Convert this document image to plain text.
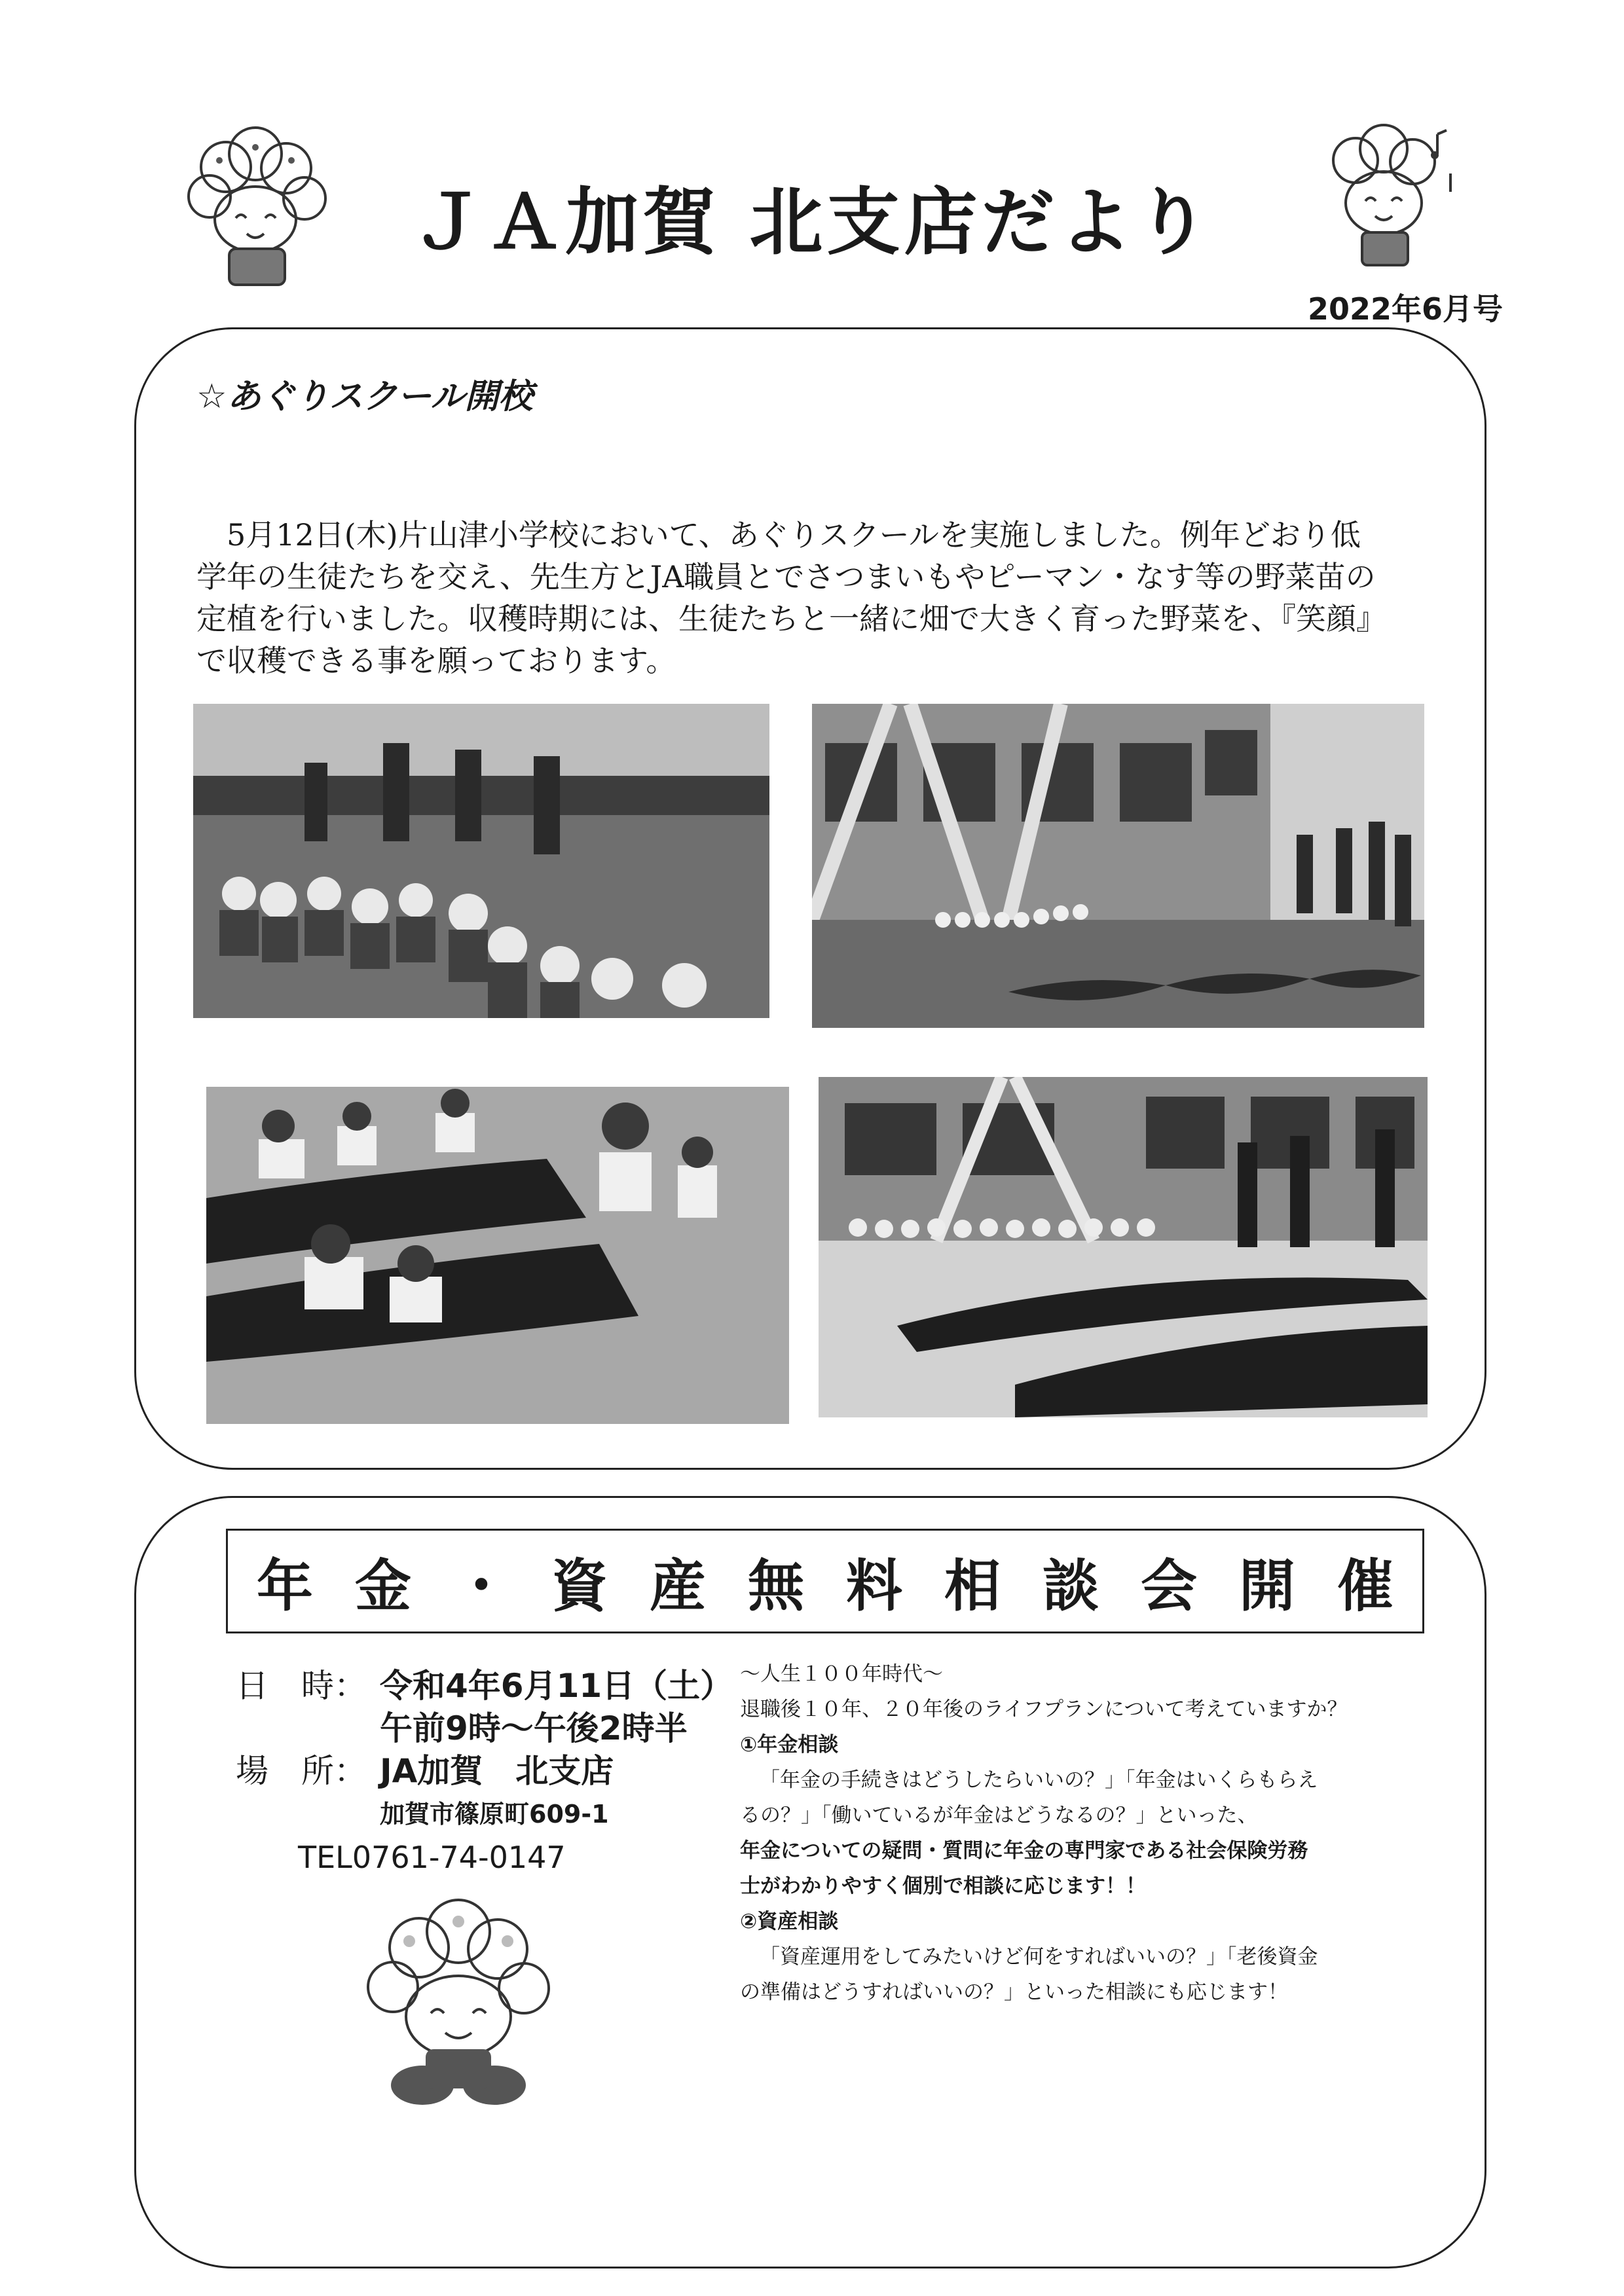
ＪＡ加賀 北支店だより
2022年6月号
☆あぐりスクール開校
5月12日(木)片山津小学校において、あぐりスクールを実施しました。例年どおり低学年の生徒たちを交え、先生方とJA職員とでさつまいもやピーマン・なす等の野菜苗の定植を行いました。収穫時期には、生徒たちと一緒に畑で大きく育った野菜を、『笑顔』で収穫できる事を願っております。
年金・資産無料相談会開催
日　時： 令和4年6月11日（土）
午前9時〜午後2時半
場　所： JA加賀　北支店
加賀市篠原町609-1
TEL0761-74-0147
〜人生１００年時代〜
退職後１０年、２０年後のライフプランについて考えていますか？
①年金相談
「年金の手続きはどうしたらいいの？」「年金はいくらもらえ
るの？」「働いているが年金はどうなるの？」といった、
年金についての疑問・質問に年金の専門家である社会保険労務
士がわかりやすく個別で相談に応じます！！
②資産相談
「資産運用をしてみたいけど何をすればいいの？」「老後資金
の準備はどうすればいいの？」といった相談にも応じます！
